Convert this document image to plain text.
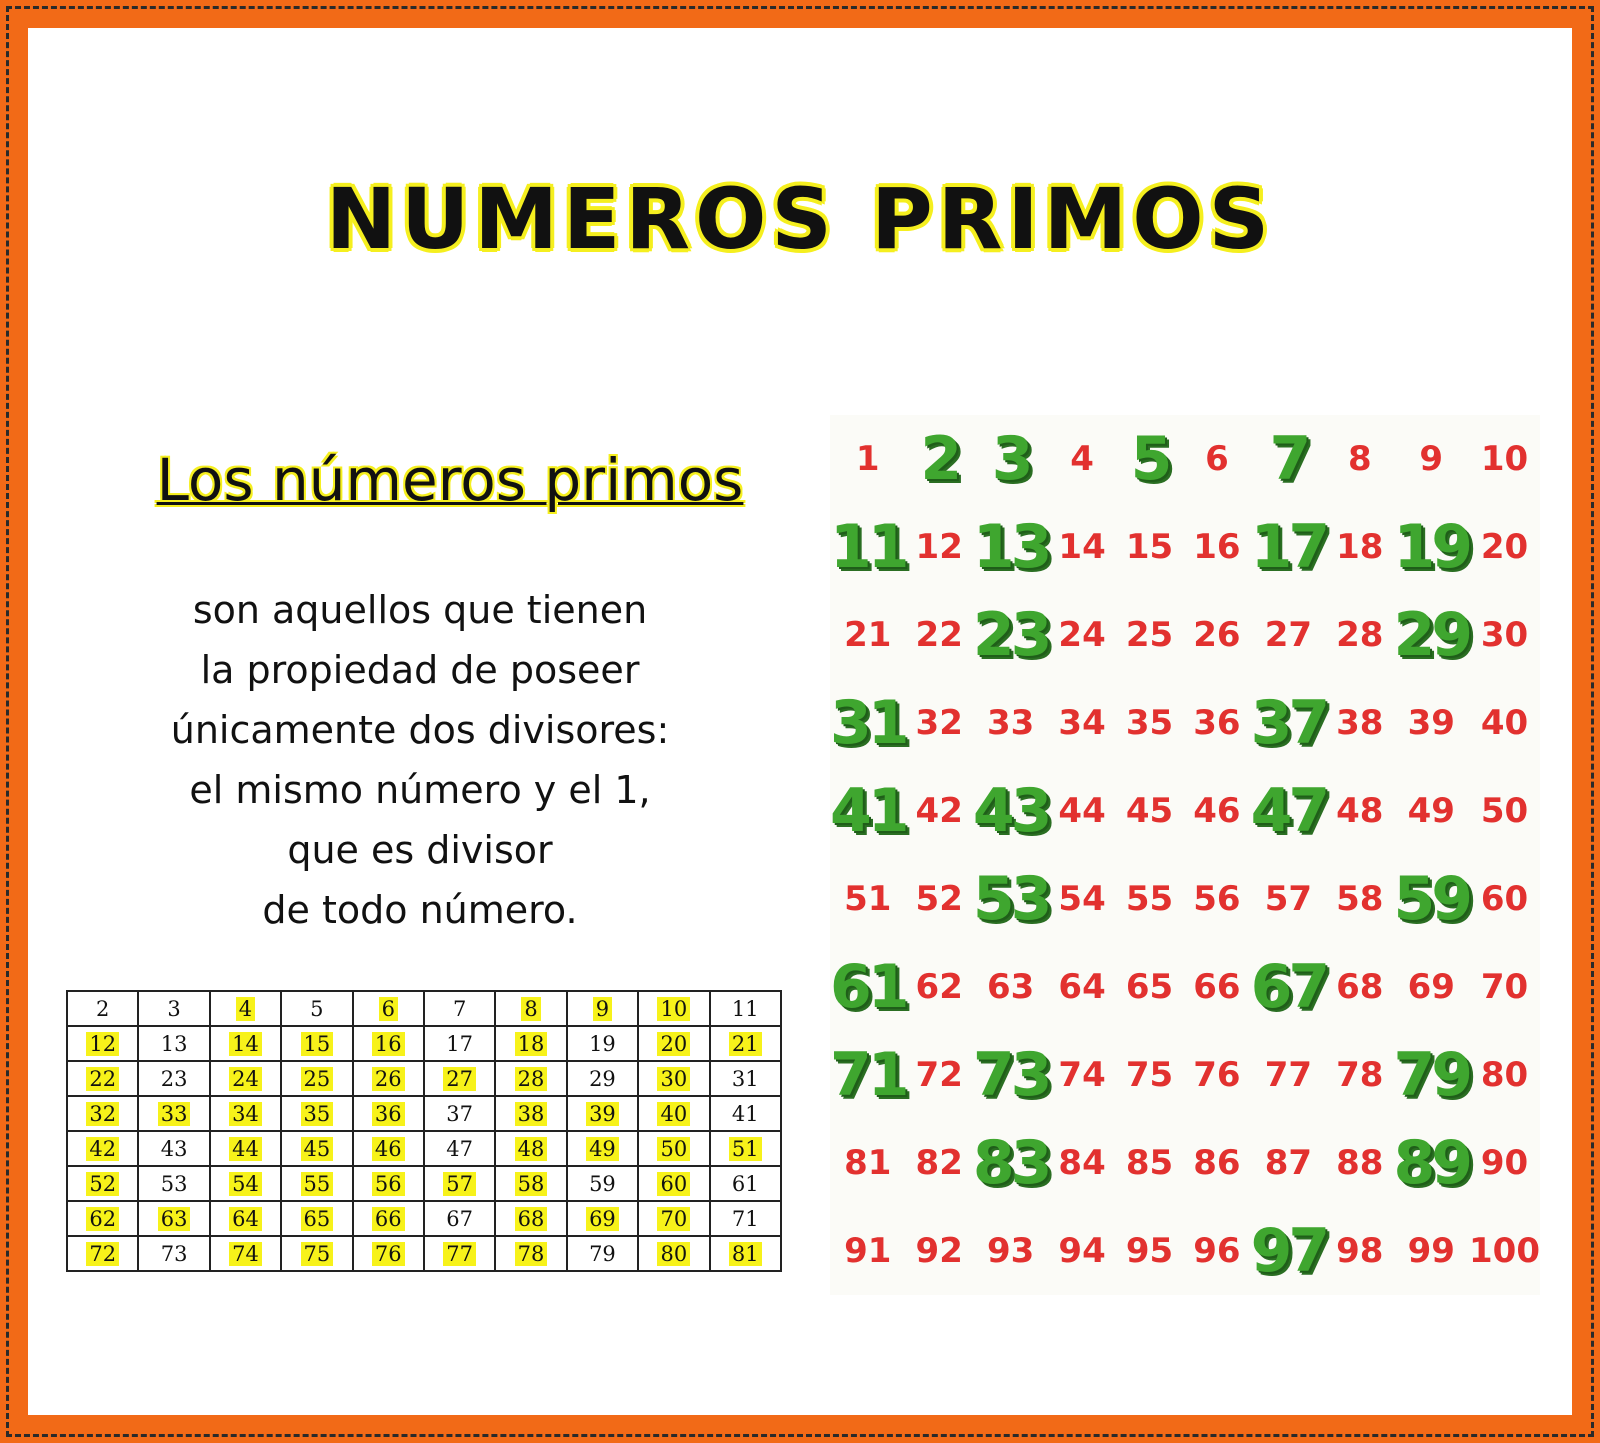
NUMEROS PRIMOS
Los números primos
son aquellos que tienen
la propiedad de poseer
únicamente dos divisores:
el mismo número y el 1,
que es divisor
de todo número.
2	3	4	5	6	7	8	9	10	11
12	13	14	15	16	17	18	19	20	21
22	23	24	25	26	27	28	29	30	31
32	33	34	35	36	37	38	39	40	41
42	43	44	45	46	47	48	49	50	51
52	53	54	55	56	57	58	59	60	61
62	63	64	65	66	67	68	69	70	71
72	73	74	75	76	77	78	79	80	81
1 2 3	4 5	6 7	8	9	10
11 12 13 14 15 16 17 18 19 20
21 22 23 24 25 26 27 28 29 30
31 32 33 34 35 36 37 38 39 40
41 42 43 44 45 46 47 48 49 50
51 52 53 54 55 56 57 58 59 60
61 62 63 64 65 66 67 68 69 70
71 72 73 74 75 76 77 78 79 80
81 82 83 84 85 86 87 88 89 90
91 92 93 94 95 96 97 98 99 100
